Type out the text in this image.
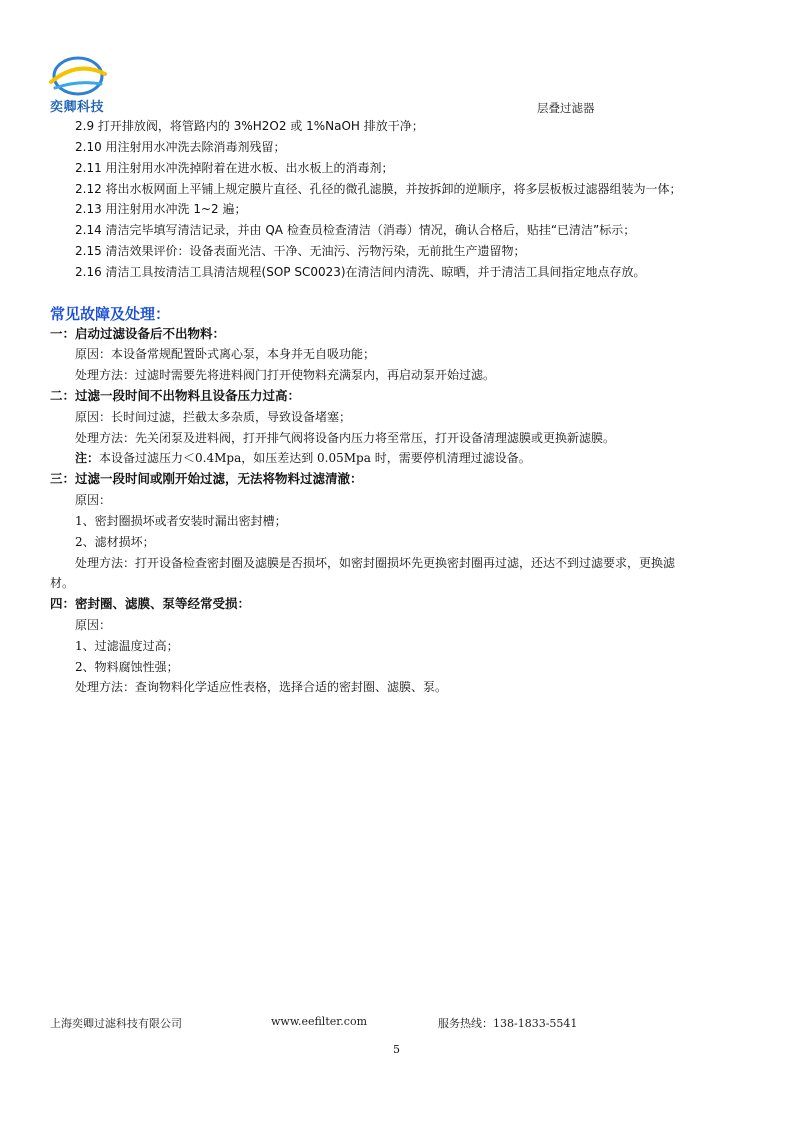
奕卿科技	层叠过滤器
2.9 打开排放阀，将管路内的 3%H2O2 或 1%NaOH 排放干净；
2.10 用注射用水冲洗去除消毒剂残留；
2.11 用注射用水冲洗掉附着在进水板、出水板上的消毒剂；
2.12 将出水板网面上平铺上规定膜片直径、孔径的微孔滤膜，并按拆卸的逆顺序，将多层板板过滤器组装为一体；
2.13 用注射用水冲洗 1~2 遍；
2.14 清洁完毕填写清洁记录，并由 QA 检查员检查清洁（消毒）情况，确认合格后，贴挂“已清洁”标示；
2.15 清洁效果评价：设备表面光洁、干净、无油污、污物污染，无前批生产遗留物；
2.16 清洁工具按清洁工具清洁规程(SOP SC0023)在清洁间内清洗、晾晒，并于清洁工具间指定地点存放。
常见故障及处理：
一：启动过滤设备后不出物料：
原因：本设备常规配置卧式离心泵，本身并无自吸功能；
处理方法：过滤时需要先将进料阀门打开使物料充满泵内，再启动泵开始过滤。
二：过滤一段时间不出物料且设备压力过高：
原因：长时间过滤，拦截太多杂质，导致设备堵塞；
处理方法：先关闭泵及进料阀，打开排气阀将设备内压力将至常压，打开设备清理滤膜或更换新滤膜。
注：本设备过滤压力＜0.4Mpa，如压差达到 0.05Mpa 时，需要停机清理过滤设备。
三：过滤一段时间或刚开始过滤，无法将物料过滤清澈：
原因：
1、密封圈损坏或者安装时漏出密封槽；
2、滤材损坏；
处理方法：打开设备检查密封圈及滤膜是否损坏，如密封圈损坏先更换密封圈再过滤，还达不到过滤要求，更换滤
材。
四：密封圈、滤膜、泵等经常受损：
原因：
1、过滤温度过高；
2、物料腐蚀性强；
处理方法：查询物料化学适应性表格，选择合适的密封圈、滤膜、泵。
上海奕卿过滤科技有限公司	www.eefilter.com	服务热线：138-1833-5541
5
